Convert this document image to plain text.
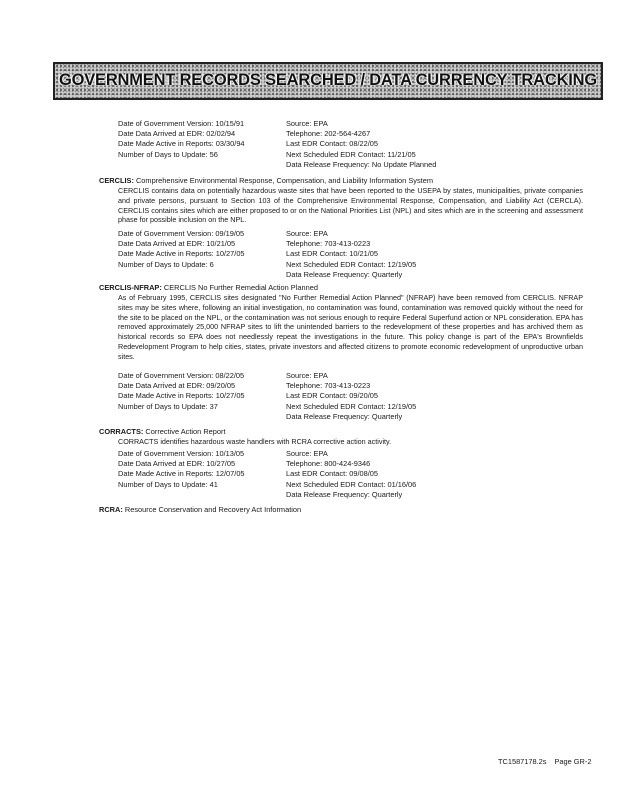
GOVERNMENT RECORDS SEARCHED / DATA CURRENCY TRACKING
Date of Government Version: 10/15/91
Date Data Arrived at EDR: 02/02/94
Date Made Active in Reports: 03/30/94
Number of Days to Update: 56
Source: EPA
Telephone: 202-564-4267
Last EDR Contact: 08/22/05
Next Scheduled EDR Contact: 11/21/05
Data Release Frequency: No Update Planned
CERCLIS: Comprehensive Environmental Response, Compensation, and Liability Information System
CERCLIS contains data on potentially hazardous waste sites that have been reported to the USEPA by states, municipalities, private companies and private persons, pursuant to Section 103 of the Comprehensive Environmental Response, Compensation, and Liability Act (CERCLA). CERCLIS contains sites which are either proposed to or on the National Priorities List (NPL) and sites which are in the screening and assessment phase for possible inclusion on the NPL.
Date of Government Version: 09/19/05
Date Data Arrived at EDR: 10/21/05
Date Made Active in Reports: 10/27/05
Number of Days to Update: 6
Source: EPA
Telephone: 703-413-0223
Last EDR Contact: 10/21/05
Next Scheduled EDR Contact: 12/19/05
Data Release Frequency: Quarterly
CERCLIS-NFRAP: CERCLIS No Further Remedial Action Planned
As of February 1995, CERCLIS sites designated "No Further Remedial Action Planned" (NFRAP) have been removed from CERCLIS. NFRAP sites may be sites where, following an initial investigation, no contamination was found, contamination was removed quickly without the need for the site to be placed on the NPL, or the contamination was not serious enough to require Federal Superfund action or NPL consideration. EPA has removed approximately 25,000 NFRAP sites to lift the unintended barriers to the redevelopment of these properties and has archived them as historical records so EPA does not needlessly repeat the investigations in the future. This policy change is part of the EPA's Brownfields Redevelopment Program to help cities, states, private investors and affected citizens to promote economic redevelopment of unproductive urban sites.
Date of Government Version: 08/22/05
Date Data Arrived at EDR: 09/20/05
Date Made Active in Reports: 10/27/05
Number of Days to Update: 37
Source: EPA
Telephone: 703-413-0223
Last EDR Contact: 09/20/05
Next Scheduled EDR Contact: 12/19/05
Data Release Frequency: Quarterly
CORRACTS: Corrective Action Report
CORRACTS identifies hazardous waste handlers with RCRA corrective action activity.
Date of Government Version: 10/13/05
Date Data Arrived at EDR: 10/27/05
Date Made Active in Reports: 12/07/05
Number of Days to Update: 41
Source: EPA
Telephone: 800-424-9346
Last EDR Contact: 09/08/05
Next Scheduled EDR Contact: 01/16/06
Data Release Frequency: Quarterly
RCRA: Resource Conservation and Recovery Act Information
TC1587178.2s Page GR-2
